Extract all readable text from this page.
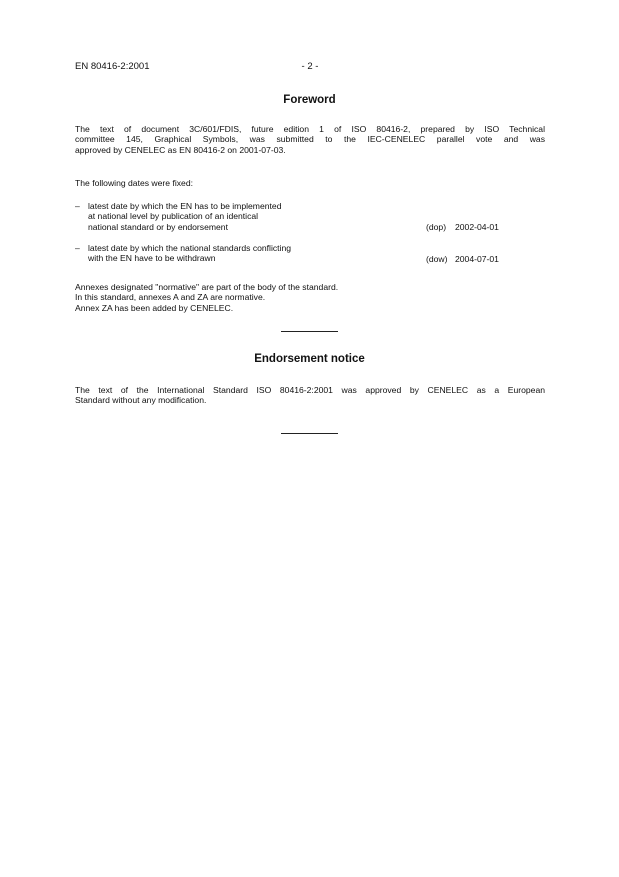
EN 80416-2:2001	- 2 -
Foreword
The text of document 3C/601/FDIS, future edition 1 of ISO 80416-2, prepared by ISO Technical
committee 145, Graphical Symbols, was submitted to the IEC-CENELEC parallel vote and was
approved by CENELEC as EN 80416-2 on 2001-07-03.
The following dates were fixed:
– latest date by which the EN has to be implemented
at national level by publication of an identical
national standard or by endorsement	(dop) 2002-04-01
– latest date by which the national standards conflicting
with the EN have to be withdrawn	(dow) 2004-07-01
Annexes designated "normative" are part of the body of the standard.
In this standard, annexes A and ZA are normative.
Annex ZA has been added by CENELEC.
Endorsement notice
The text of the International Standard ISO 80416-2:2001 was approved by CENELEC as a European
Standard without any modification.
